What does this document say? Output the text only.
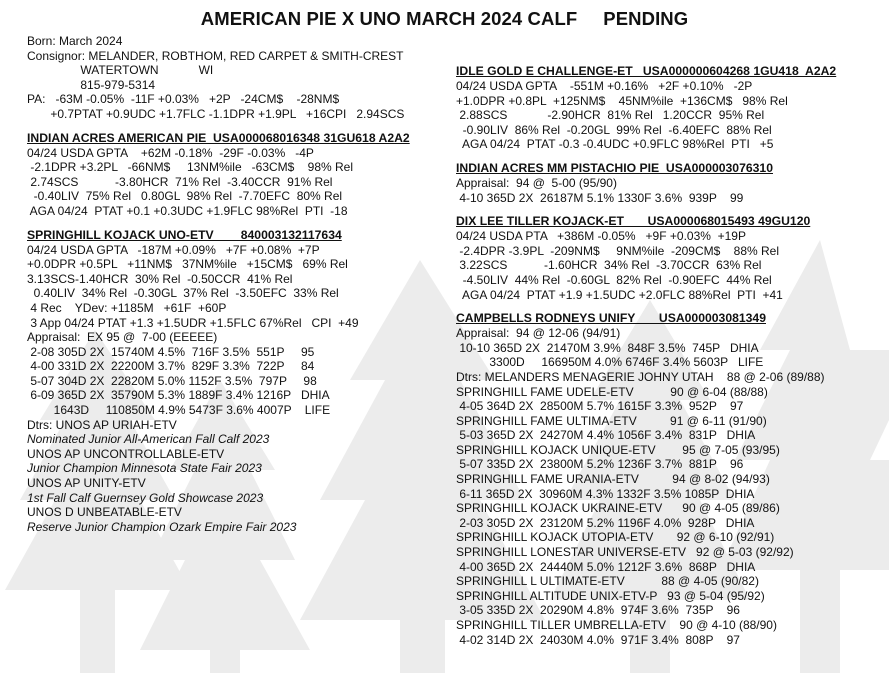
AMERICAN PIE X UNO MARCH 2024 CALF PENDING
Born: March 2024
Consignor: MELANDER, ROBTHOM, RED CARPET & SMITH-CREST
WATERTOWN            WI
815-979-5314
PA:   -63M -0.05%  -11F +0.03%   +2P   -24CM$    -28NM$
+0.7PTAT +0.9UDC +1.7FLC -1.1DPR +1.9PL   +16CPI   2.94SCS
INDIAN ACRES AMERICAN PIE  USA000068016348 31GU618 A2A2
04/24 USDA GPTA    +62M -0.18%  -29F -0.03%   -4P
-2.1DPR +3.2PL   -66NM$     13NM%ile   -63CM$    98% Rel
2.74SCS           -3.80HCR  71% Rel  -3.40CCR  91% Rel
-0.40LIV  75% Rel   0.80GL  98% Rel  -7.70EFC  80% Rel
AGA 04/24  PTAT +0.1 +0.3UDC +1.9FLC 98%Rel  PTI  -18
SPRINGHILL KOJACK UNO-ETV        840003132117634
04/24 USDA GPTA   -187M +0.09%   +7F +0.08%  +7P
+0.0DPR +0.5PL   +11NM$   37NM%ile   +15CM$   69% Rel
3.13SCS-1.40HCR  30% Rel  -0.50CCR  41% Rel
0.40LIV  34% Rel  -0.30GL  37% Rel  -3.50EFC  33% Rel
4 Rec    YDev: +1185M   +61F  +60P
3 App 04/24 PTAT +1.3 +1.5UDR +1.5FLC 67%Rel   CPI  +49
Appraisal:  EX 95 @  7-00 (EEEEE)
2-08 305D 2X  15740M 4.5%  716F 3.5%  551P     95
4-00 331D 2X  22200M 3.7%  829F 3.3%  722P     84
5-07 304D 2X  22820M 5.0% 1152F 3.5%  797P     98
6-09 365D 2X  35790M 5.3% 1889F 3.4% 1216P   DHIA
1643D     110850M 4.9% 5473F 3.6% 4007P    LIFE
Dtrs: UNOS AP URIAH-ETV
Nominated Junior All-American Fall Calf 2023
UNOS AP UNCONTROLLABLE-ETV
Junior Champion Minnesota State Fair 2023
UNOS AP UNITY-ETV
1st Fall Calf Guernsey Gold Showcase 2023
UNOS D UNBEATABLE-ETV
Reserve Junior Champion Ozark Empire Fair 2023
IDLE GOLD E CHALLENGE-ET   USA000000604268 1GU418  A2A2
04/24 USDA GPTA    -551M +0.16%   +2F +0.10%   -2P
+1.0DPR +0.8PL  +125NM$    45NM%ile  +136CM$   98% Rel
2.88SCS            -2.90HCR  81% Rel   1.20CCR  95% Rel
-0.90LIV  86% Rel  -0.20GL  99% Rel  -6.40EFC  88% Rel
AGA 04/24  PTAT -0.3 -0.4UDC +0.9FLC 98%Rel  PTI   +5
INDIAN ACRES MM PISTACHIO PIE  USA000003076310
Appraisal:  94 @  5-00 (95/90)
4-10 365D 2X  26187M 5.1% 1330F 3.6%  939P    99
DIX LEE TILLER KOJACK-ET       USA000068015493 49GU120
04/24 USDA PTA   +386M -0.05%   +9F +0.03%  +19P
-2.4DPR -3.9PL  -209NM$     9NM%ile  -209CM$    88% Rel
3.22SCS           -1.60HCR  34% Rel  -3.70CCR  63% Rel
-4.50LIV  44% Rel  -0.60GL  82% Rel  -0.90EFC  44% Rel
AGA 04/24  PTAT +1.9 +1.5UDC +2.0FLC 88%Rel  PTI  +41
CAMPBELLS RODNEYS UNIFY       USA000003081349
Appraisal:  94 @ 12-06 (94/91)
10-10 365D 2X  21470M 3.9%  848F 3.5%  745P   DHIA
3300D     166950M 4.0% 6746F 3.4% 5603P   LIFE
Dtrs: MELANDERS MENAGERIE JOHNY UTAH    88 @ 2-06 (89/88)
SPRINGHILL FAME UDELE-ETV           90 @ 6-04 (88/88)
4-05 364D 2X  28500M 5.7% 1615F 3.3%  952P    97
SPRINGHILL FAME ULTIMA-ETV          91 @ 6-11 (91/90)
5-03 365D 2X  24270M 4.4% 1056F 3.4%  831P   DHIA
SPRINGHILL KOJACK UNIQUE-ETV        95 @ 7-05 (93/95)
5-07 335D 2X  23800M 5.2% 1236F 3.7%  881P    96
SPRINGHILL FAME URANIA-ETV          94 @ 8-02 (94/93)
6-11 365D 2X  30960M 4.3% 1332F 3.5% 1085P  DHIA
SPRINGHILL KOJACK UKRAINE-ETV      90 @ 4-05 (89/86)
2-03 305D 2X  23120M 5.2% 1196F 4.0%  928P   DHIA
SPRINGHILL KOJACK UTOPIA-ETV       92 @ 6-10 (92/91)
SPRINGHILL LONESTAR UNIVERSE-ETV   92 @ 5-03 (92/92)
4-00 365D 2X  24440M 5.0% 1212F 3.6%  868P   DHIA
SPRINGHILL L ULTIMATE-ETV           88 @ 4-05 (90/82)
SPRINGHILL ALTITUDE UNIX-ETV-P   93 @ 5-04 (95/92)
3-05 335D 2X  20290M 4.8%  974F 3.6%  735P    96
SPRINGHILL TILLER UMBRELLA-ETV    90 @ 4-10 (88/90)
4-02 314D 2X  24030M 4.0%  971F 3.4%  808P    97
